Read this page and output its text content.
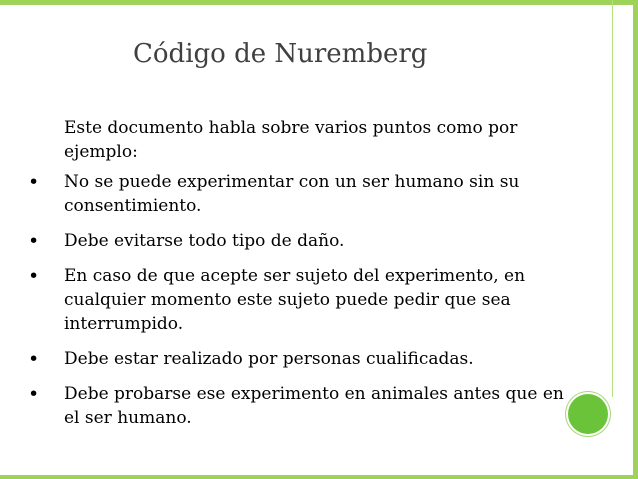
Código de Nuremberg

Este documento habla sobre varios puntos como por ejemplo:

• No se puede experimentar con un ser humano sin su consentimiento.
• Debe evitarse todo tipo de daño.
• En caso de que acepte ser sujeto del experimento, en cualquier momento este sujeto puede pedir que sea interrumpido.
• Debe estar realizado por personas cualificadas.
• Debe probarse ese experimento en animales antes que en el ser humano.
